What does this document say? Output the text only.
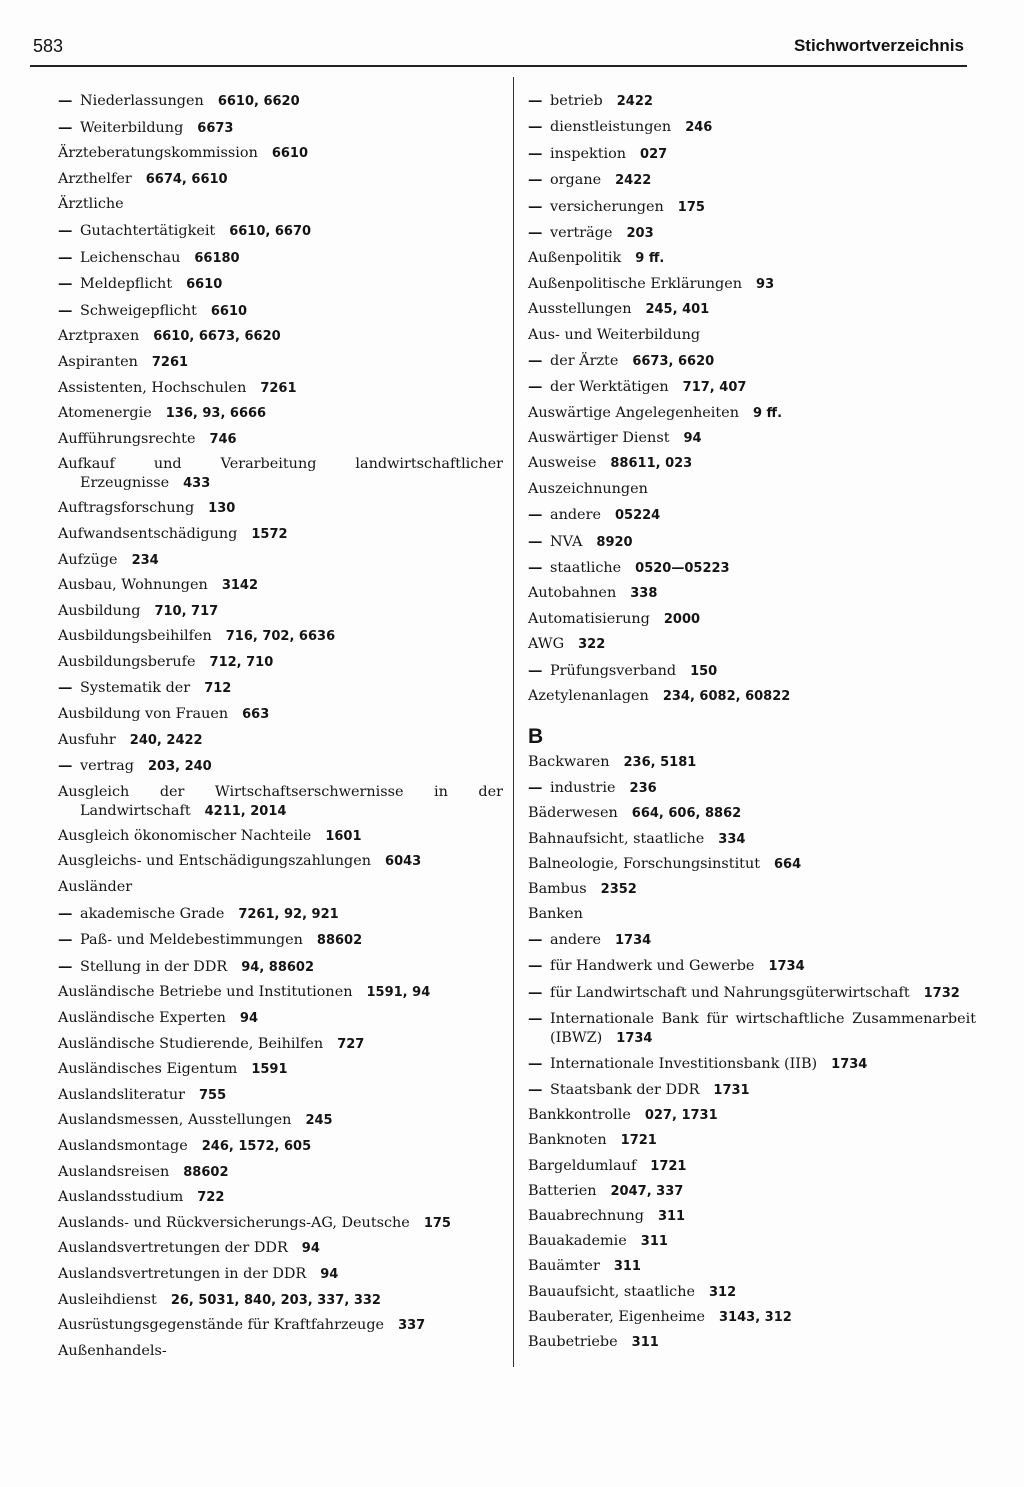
583	Stichwortverzeichnis
— Niederlassungen 6610, 6620
— Weiterbildung 6673
Ärzteberatungskommission 6610
Arzthelfer 6674, 6610
Ärztliche
— Gutachtertätigkeit 6610, 6670
— Leichenschau 66180
— Meldepflicht 6610
— Schweigepflicht 6610
Arztpraxen 6610, 6673, 6620
Aspiranten 7261
Assistenten, Hochschulen 7261
Atomenergie 136, 93, 6666
Aufführungsrechte 746
Aufkauf und Verarbeitung landwirtschaftlicher Erzeugnisse 433
Auftragsforschung 130
Aufwandsentschädigung 1572
Aufzüge 234
Ausbau, Wohnungen 3142
Ausbildung 710, 717
Ausbildungsbeihilfen 716, 702, 6636
Ausbildungsberufe 712, 710
— Systematik der 712
Ausbildung von Frauen 663
Ausfuhr 240, 2422
— vertrag 203, 240
Ausgleich der Wirtschaftserschwernisse in der Landwirtschaft 4211, 2014
Ausgleich ökonomischer Nachteile 1601
Ausgleichs- und Entschädigungszahlungen 6043
Ausländer
— akademische Grade 7261, 92, 921
— Paß- und Meldebestimmungen 88602
— Stellung in der DDR 94, 88602
Ausländische Betriebe und Institutionen 1591, 94
Ausländische Experten 94
Ausländische Studierende, Beihilfen 727
Ausländisches Eigentum 1591
Auslandsliteratur 755
Auslandsmessen, Ausstellungen 245
Auslandsmontage 246, 1572, 605
Auslandsreisen 88602
Auslandsstudium 722
Auslands- und Rückversicherungs-AG, Deutsche 175
Auslandsvertretungen der DDR 94
Auslandsvertretungen in der DDR 94
Ausleihdienst 26, 5031, 840, 203, 337, 332
Ausrüstungsgegenstände für Kraftfahrzeuge 337
Außenhandels-
— betrieb 2422
— dienstleistungen 246
— inspektion 027
— organe 2422
— versicherungen 175
— verträge 203
Außenpolitik 9 ff.
Außenpolitische Erklärungen 93
Ausstellungen 245, 401
Aus- und Weiterbildung
— der Ärzte 6673, 6620
— der Werktätigen 717, 407
Auswärtige Angelegenheiten 9 ff.
Auswärtiger Dienst 94
Ausweise 88611, 023
Auszeichnungen
— andere 05224
— NVA 8920
— staatliche 0520—05223
Autobahnen 338
Automatisierung 2000
AWG 322
— Prüfungsverband 150
Azetylenanlagen 234, 6082, 60822
B
Backwaren 236, 5181
— industrie 236
Bäderwesen 664, 606, 8862
Bahnaufsicht, staatliche 334
Balneologie, Forschungsinstitut 664
Bambus 2352
Banken
— andere 1734
— für Handwerk und Gewerbe 1734
— für Landwirtschaft und Nahrungsgüterwirtschaft 1732
— Internationale Bank für wirtschaftliche Zusammenarbeit (IBWZ) 1734
— Internationale Investitionsbank (IIB) 1734
— Staatsbank der DDR 1731
Bankkontrolle 027, 1731
Banknoten 1721
Bargeldumlauf 1721
Batterien 2047, 337
Bauabrechnung 311
Bauakademie 311
Bauämter 311
Bauaufsicht, staatliche 312
Bauberater, Eigenheime 3143, 312
Baubetriebe 311
